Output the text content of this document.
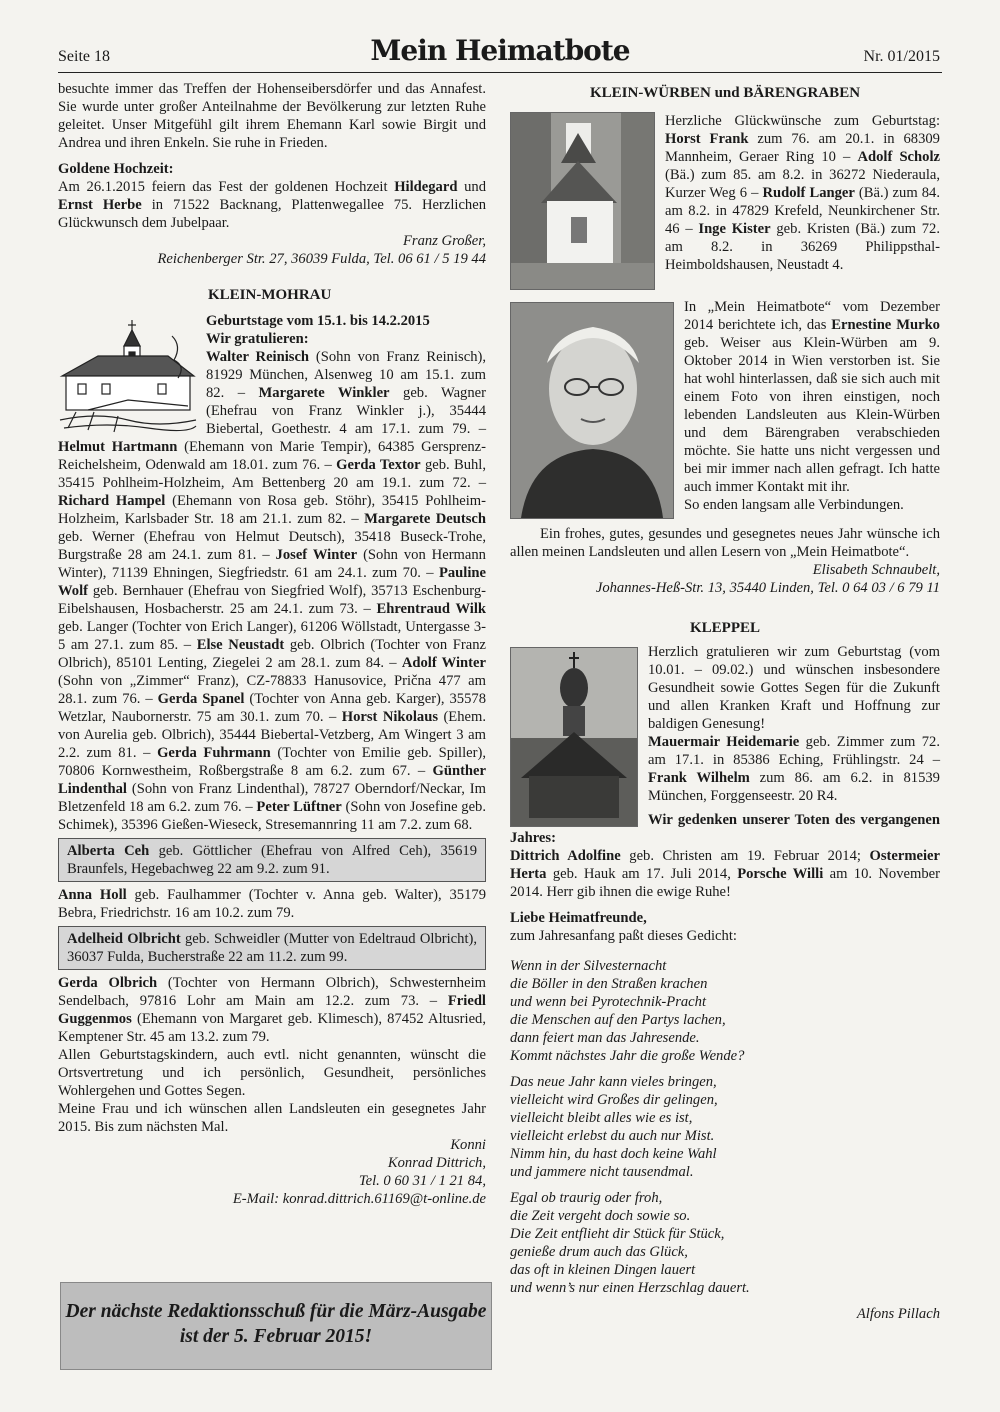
Seite 18	Mein Heimatbote	Nr. 01/2015

besuchte immer das Treffen der Hohenseibersdörfer und das Annafest. Sie wurde unter großer Anteilnahme der Bevölkerung zur letzten Ruhe geleitet. Unser Mitgefühl gilt ihrem Ehemann Karl sowie Birgit und Andrea und ihren Enkeln. Sie ruhe in Frieden.

Goldene Hochzeit:

Am 26.1.2015 feiern das Fest der goldenen Hochzeit Hildegard und Ernst Herbe in 71522 Backnang, Plattenwegallee 75. Herzlichen Glückwunsch dem Jubelpaar.

Franz Großer,
Reichenberger Str. 27, 36039 Fulda, Tel. 06 61 / 5 19 44
KLEIN-MOHRAU
Geburtstage vom 15.1. bis 14.2.2015
Wir gratulieren:

Walter Reinisch (Sohn von Franz Reinisch), 81929 München, Alsenweg 10 am 15.1. zum 82. – Margarete Winkler geb. Wagner (Ehefrau von Franz Winkler j.), 35444 Biebertal, Goethestr. 4 am 17.1. zum 79. – Helmut Hartmann (Ehemann von Marie Tempir), 64385 Gersprenz-Reichelsheim, Odenwald am 18.01. zum 76. – Gerda Textor geb. Buhl, 35415 Pohlheim-Holzheim, Am Bettenberg 20 am 19.1. zum 72. – Richard Hampel (Ehemann von Rosa geb. Stöhr), 35415 Pohlheim-Holzheim, Karlsbader Str. 18 am 21.1. zum 82. – Margarete Deutsch geb. Werner (Ehefrau von Helmut Deutsch), 35418 Buseck-Trohe, Burgstraße 28 am 24.1. zum 81. – Josef Winter (Sohn von Hermann Winter), 71139 Ehningen, Siegfriedstr. 61 am 24.1. zum 70. – Pauline Wolf geb. Bernhauer (Ehefrau von Siegfried Wolf), 35713 Eschenburg-Eibelshausen, Hosbacherstr. 25 am 24.1. zum 73. – Ehrentraud Wilk geb. Langer (Tochter von Erich Langer), 61206 Wöllstadt, Untergasse 3-5 am 27.1. zum 85. – Else Neustadt geb. Olbrich (Tochter von Franz Olbrich), 85101 Lenting, Ziegelei 2 am 28.1. zum 84. – Adolf Winter (Sohn von „Zimmer“ Franz), CZ-78833 Hanusovice, Prična 477 am 28.1. zum 76. – Gerda Spanel (Tochter von Anna geb. Karger), 35578 Wetzlar, Naubornerstr. 75 am 30.1. zum 70. – Horst Nikolaus (Ehem. von Aurelia geb. Olbrich), 35444 Biebertal-Vetzberg, Am Wingert 3 am 2.2. zum 81. – Gerda Fuhrmann (Tochter von Emilie geb. Spiller), 70806 Kornwestheim, Roßbergstraße 8 am 6.2. zum 67. – Günther Lindenthal (Sohn von Franz Lindenthal), 78727 Oberndorf/Neckar, Im Bletzenfeld 18 am 6.2. zum 76. – Peter Lüftner (Sohn von Josefine geb. Schimek), 35396 Gießen-Wieseck, Stresemannring 11 am 7.2. zum 68.

Alberta Ceh geb. Göttlicher (Ehefrau von Alfred Ceh), 35619 Braunfels, Hegebachweg 22 am 9.2. zum 91.

Anna Holl geb. Faulhammer (Tochter v. Anna geb. Walter), 35179 Bebra, Friedrichstr. 16 am 10.2. zum 79.

Adelheid Olbricht geb. Schweidler (Mutter von Edeltraud Olbricht), 36037 Fulda, Bucherstraße 22 am 11.2. zum 99.

Gerda Olbrich (Tochter von Hermann Olbrich), Schwesternheim Sendelbach, 97816 Lohr am Main am 12.2. zum 73. – Friedl Guggenmos (Ehemann von Margaret geb. Klimesch), 87452 Altusried, Kemptener Str. 45 am 13.2. zum 79.

Allen Geburtstagskindern, auch evtl. nicht genannten, wünscht die Ortsvertretung und ich persönlich, Gesundheit, persönliches Wohlergehen und Gottes Segen.

Meine Frau und ich wünschen allen Landsleuten ein gesegnetes Jahr 2015. Bis zum nächsten Mal.

Konni
Konrad Dittrich,
Tel. 0 60 31 / 1 21 84,
E-Mail: konrad.dittrich.61169@t-online.de
Der nächste Redaktionsschuß für die März-Ausgabe ist der 5. Februar 2015!
KLEIN-WÜRBEN und BÄRENGRABEN

Herzliche Glückwünsche zum Geburtstag: Horst Frank zum 76. am 20.1. in 68309 Mannheim, Geraer Ring 10 – Adolf Scholz (Bä.) zum 85. am 8.2. in 36272 Niederaula, Kurzer Weg 6 – Rudolf Langer (Bä.) zum 84. am 8.2. in 47829 Krefeld, Neunkirchener Str. 46 – Inge Kister geb. Kristen (Bä.) zum 72. am 8.2. in 36269 Philippsthal-Heimboldshausen, Neustadt 4.

In „Mein Heimatbote“ vom Dezember 2014 berichtete ich, das Ernestine Murko geb. Weiser aus Klein-Würben am 9. Oktober 2014 in Wien verstorben ist. Sie hat wohl hinterlassen, daß sie sich auch mit einem Foto von ihren einstigen, noch lebenden Landsleuten aus Klein-Würben und dem Bärengraben verabschieden möchte. Sie hatte uns nicht vergessen und bei mir immer nach allen gefragt. Ich hatte auch immer Kontakt mit ihr.

So enden langsam alle Verbindungen.

Ein frohes, gutes, gesundes und gesegnetes neues Jahr wünsche ich allen meinen Landsleuten und allen Lesern von „Mein Heimatbote“.

Elisabeth Schnaubelt,
Johannes-Heß-Str. 13, 35440 Linden, Tel. 0 64 03 / 6 79 11
KLEPPEL

Herzlich gratulieren wir zum Geburtstag (vom 10.01. – 09.02.) und wünschen insbesondere Gesundheit sowie Gottes Segen für die Zukunft und allen Kranken Kraft und Hoffnung zur baldigen Genesung!

Mauermair Heidemarie geb. Zimmer zum 72. am 17.1. in 85386 Eching, Frühlingstr. 24 – Frank Wilhelm zum 86. am 6.2. in 81539 München, Forggenseestr. 20 R4.

Wir gedenken unserer Toten des vergangenen Jahres:

Dittrich Adolfine geb. Christen am 19. Februar 2014; Ostermeier Herta geb. Hauk am 17. Juli 2014, Porsche Willi am 10. November 2014. Herr gib ihnen die ewige Ruhe!

Liebe Heimatfreunde,
zum Jahresanfang paßt dieses Gedicht:

Wenn in der Silvesternacht
die Böller in den Straßen krachen
und wenn bei Pyrotechnik-Pracht
die Menschen auf den Partys lachen,
dann feiert man das Jahresende.
Kommt nächstes Jahr die große Wende?

Das neue Jahr kann vieles bringen,
vielleicht wird Großes dir gelingen,
vielleicht bleibt alles wie es ist,
vielleicht erlebst du auch nur Mist.
Nimm hin, du hast doch keine Wahl
und jammere nicht tausendmal.

Egal ob traurig oder froh,
die Zeit vergeht doch sowie so.
Die Zeit entflieht dir Stück für Stück,
genieße drum auch das Glück,
das oft in kleinen Dingen lauert
und wenn’s nur einen Herzschlag dauert.

Alfons Pillach
